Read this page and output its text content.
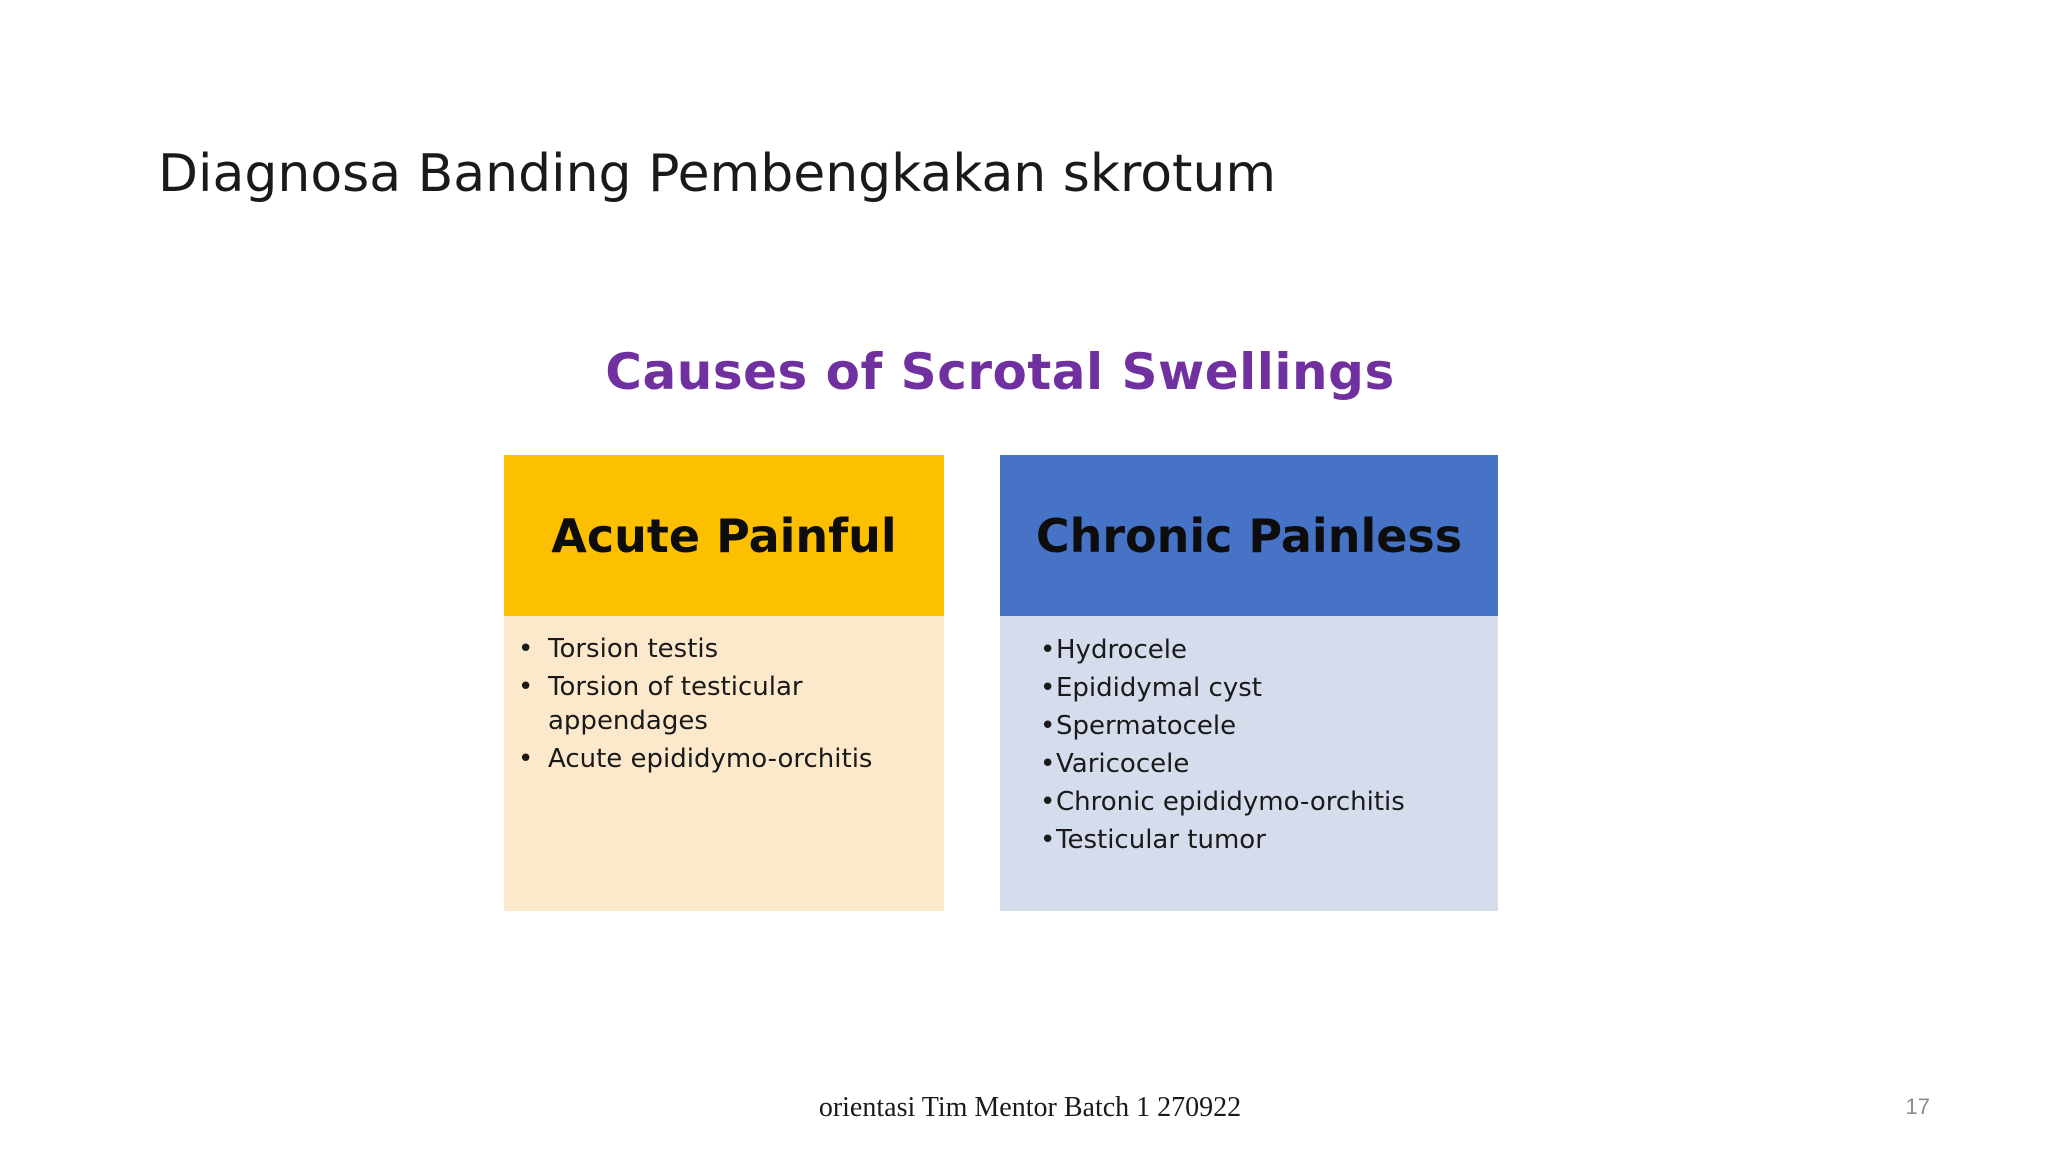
Diagnosa Banding Pembengkakan skrotum
Causes of Scrotal Swellings
Acute Painful
• Torsion testis
• Torsion of testicular appendages
• Acute epididymo-orchitis
Chronic Painless
• Hydrocele
• Epididymal cyst
• Spermatocele
• Varicocele
• Chronic epididymo-orchitis
• Testicular tumor
orientasi Tim Mentor Batch 1 270922	17
